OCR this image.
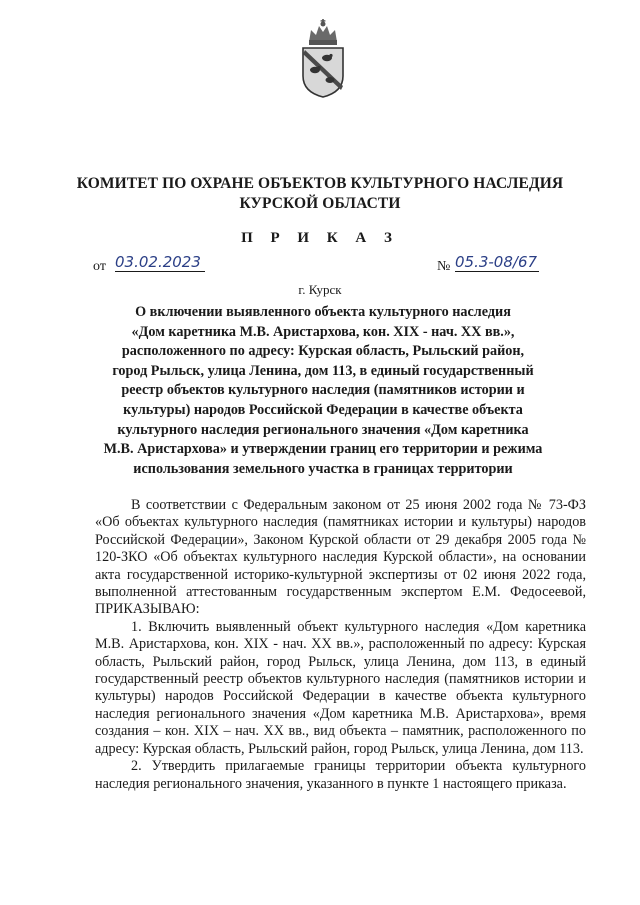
КОМИТЕТ ПО ОХРАНЕ ОБЪЕКТОВ КУЛЬТУРНОГО НАСЛЕДИЯ
КУРСКОЙ ОБЛАСТИ
П Р И К А З
от 03.02.2023	№ 05.3-08/67
г. Курск
О включении выявленного объекта культурного наследия
«Дом каретника М.В. Аристархова, кон. XIX - нач. XX вв.»,
расположенного по адресу: Курская область, Рыльский район,
город Рыльск, улица Ленина, дом 113, в единый государственный
реестр объектов культурного наследия (памятников истории и
культуры) народов Российской Федерации в качестве объекта
культурного наследия регионального значения «Дом каретника
М.В. Аристархова» и утверждении границ его территории и режима
использования земельного участка в границах территории

В соответствии с Федеральным законом от 25 июня 2002 года № 73-ФЗ «Об объектах культурного наследия (памятниках истории и культуры) народов Российской Федерации», Законом Курской области от 29 декабря 2005 года № 120-ЗКО «Об объектах культурного наследия Курской области», на основании акта государственной историко-культурной экспертизы от 02 июня 2022 года, выполненной аттестованным государственным экспертом Е.М. Федосеевой, ПРИКАЗЫВАЮ:

1. Включить выявленный объект культурного наследия «Дом каретника М.В. Аристархова, кон. XIX - нач. XX вв.», расположенный по адресу: Курская область, Рыльский район, город Рыльск, улица Ленина, дом 113, в единый государственный реестр объектов культурного наследия (памятников истории и культуры) народов Российской Федерации в качестве объекта культурного наследия регионального значения «Дом каретника М.В. Аристархова», время создания – кон. XIX – нач. XX вв., вид объекта – памятник, расположенного по адресу: Курская область, Рыльский район, город Рыльск, улица Ленина, дом 113.

2. Утвердить прилагаемые границы территории объекта культурного наследия регионального значения, указанного в пункте 1 настоящего приказа.
